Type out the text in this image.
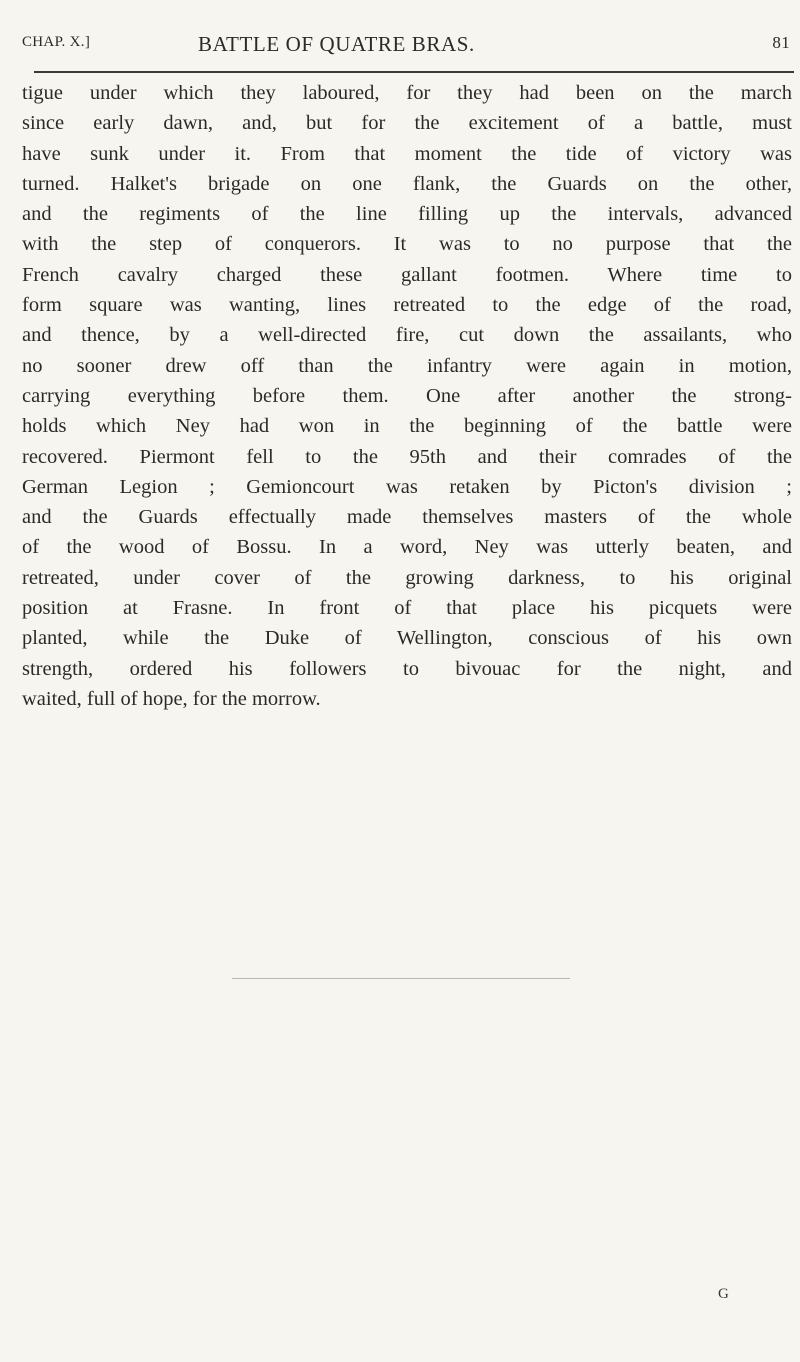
CHAP. X.]	BATTLE OF QUATRE BRAS.	81
tigue under which they laboured, for they had been on the march
since early dawn, and, but for the excitement of a battle, must
have sunk under it. From that moment the tide of victory was
turned. Halket's brigade on one flank, the Guards on the other,
and the regiments of the line filling up the intervals, advanced
with the step of conquerors. It was to no purpose that the
French cavalry charged these gallant footmen. Where time to
form square was wanting, lines retreated to the edge of the road,
and thence, by a well-directed fire, cut down the assailants, who
no sooner drew off than the infantry were again in motion,
carrying everything before them. One after another the strong-
holds which Ney had won in the beginning of the battle were
recovered. Piermont fell to the 95th and their comrades of the
German Legion ; Gemioncourt was retaken by Picton's division ;
and the Guards effectually made themselves masters of the whole
of the wood of Bossu. In a word, Ney was utterly beaten, and
retreated, under cover of the growing darkness, to his original
position at Frasne. In front of that place his picquets were
planted, while the Duke of Wellington, conscious of his own
strength, ordered his followers to bivouac for the night, and
waited, full of hope, for the morrow.
G
